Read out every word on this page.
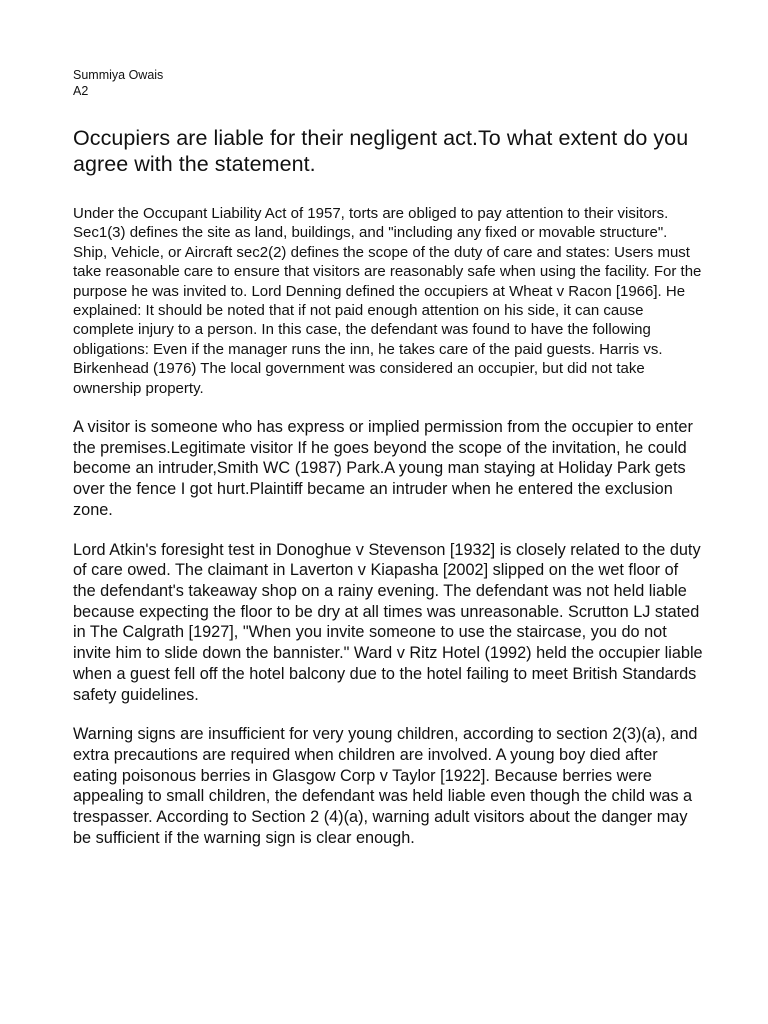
Summiya Owais

A2

Occupiers are liable for their negligent act.To what extent do you agree with the statement.

Under the Occupant Liability Act of 1957, torts are obliged to pay attention to their visitors. Sec1(3) defines the site as land, buildings, and "including any fixed or movable structure". Ship, Vehicle, or Aircraft sec2(2) defines the scope of the duty of care and states: Users must take reasonable care to ensure that visitors are reasonably safe when using the facility. For the purpose he was invited to. Lord Denning defined the occupiers at Wheat v Racon [1966]. He explained: It should be noted that if not paid enough attention on his side, it can cause complete injury to a person. In this case, the defendant was found to have the following obligations: Even if the manager runs the inn, he takes care of the paid guests. Harris vs. Birkenhead (1976) The local government was considered an occupier, but did not take ownership property.

A visitor is someone who has express or implied permission from the occupier to enter the premises.Legitimate visitor If he goes beyond the scope of the invitation, he could become an intruder,Smith WC (1987) Park.A young man staying at Holiday Park gets over the fence I got hurt.Plaintiff became an intruder when he entered the exclusion zone.

Lord Atkin's foresight test in Donoghue v Stevenson [1932] is closely related to the duty of care owed. The claimant in Laverton v Kiapasha [2002] slipped on the wet floor of the defendant's takeaway shop on a rainy evening. The defendant was not held liable because expecting the floor to be dry at all times was unreasonable. Scrutton LJ stated in The Calgrath [1927], "When you invite someone to use the staircase, you do not invite him to slide down the bannister." Ward v Ritz Hotel (1992) held the occupier liable when a guest fell off the hotel balcony due to the hotel failing to meet British Standards safety guidelines.

Warning signs are insufficient for very young children, according to section 2(3)(a), and extra precautions are required when children are involved. A young boy died after eating poisonous berries in Glasgow Corp v Taylor [1922]. Because berries were appealing to small children, the defendant was held liable even though the child was a trespasser. According to Section 2 (4)(a), warning adult visitors about the danger may be sufficient if the warning sign is clear enough.
